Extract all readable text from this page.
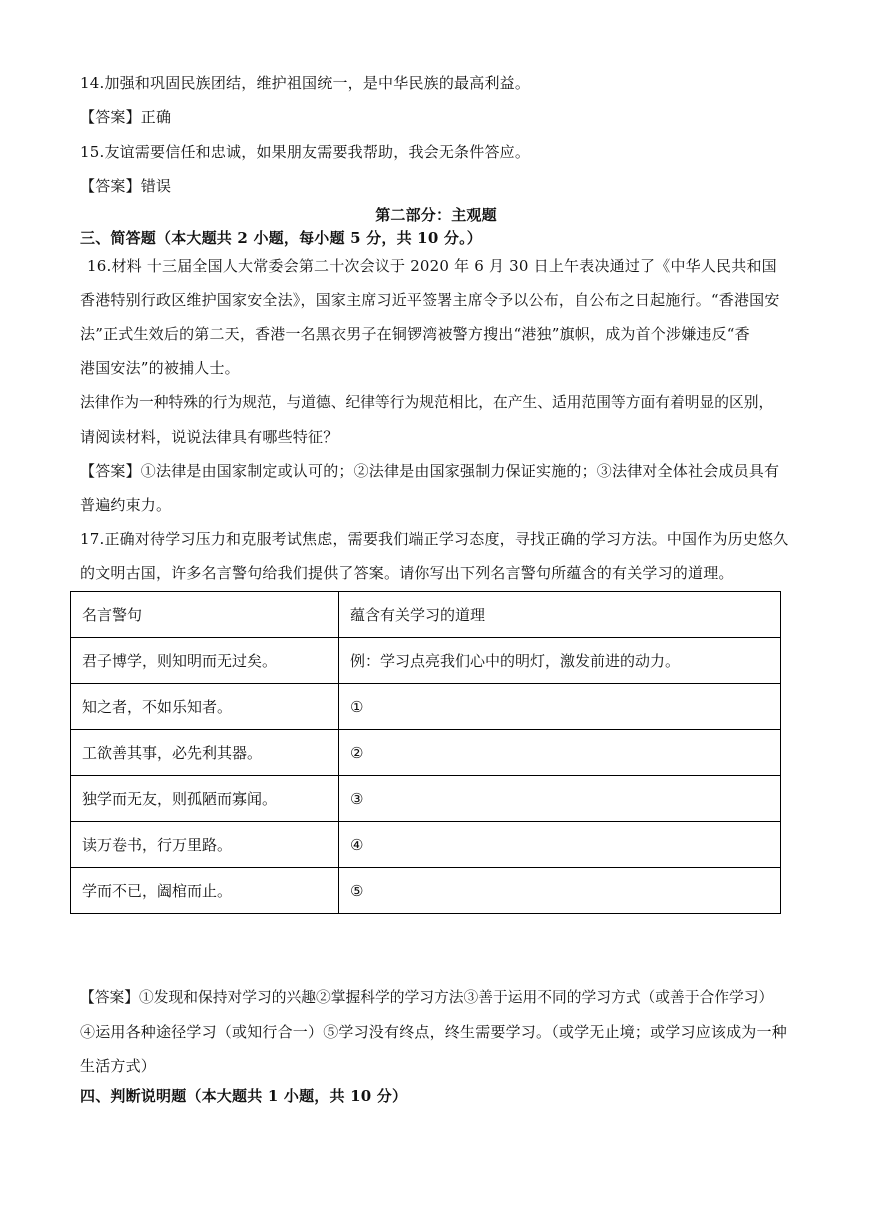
14.加强和巩固民族团结，维护祖国统一，是中华民族的最高利益。
【答案】正确
15.友谊需要信任和忠诚，如果朋友需要我帮助，我会无条件答应。
【答案】错误
第二部分：主观题
三、简答题（本大题共 2 小题，每小题 5 分，共 10 分。）
16.材料 十三届全国人大常委会第二十次会议于 2020 年 6 月 30 日上午表决通过了《中华人民共和国
香港特别行政区维护国家安全法》，国家主席习近平签署主席令予以公布，自公布之日起施行。“香港国安
法”正式生效后的第二天，香港一名黑衣男子在铜锣湾被警方搜出“港独”旗帜，成为首个涉嫌违反“香
港国安法”的被捕人士。
法律作为一种特殊的行为规范，与道德、纪律等行为规范相比，在产生、适用范围等方面有着明显的区别，
请阅读材料，说说法律具有哪些特征？
【答案】①法律是由国家制定或认可的；②法律是由国家强制力保证实施的；③法律对全体社会成员具有
普遍约束力。
17.正确对待学习压力和克服考试焦虑，需要我们端正学习态度，寻找正确的学习方法。中国作为历史悠久
的文明古国，许多名言警句给我们提供了答案。请你写出下列名言警句所蕴含的有关学习的道理。
名言警句	蕴含有关学习的道理
君子博学，则知明而无过矣。	例：学习点亮我们心中的明灯，激发前进的动力。
知之者，不如乐知者。	①
工欲善其事，必先利其器。	②
独学而无友，则孤陋而寡闻。	③
读万卷书，行万里路。	④
学而不已，阖棺而止。	⑤
【答案】①发现和保持对学习的兴趣②掌握科学的学习方法③善于运用不同的学习方式（或善于合作学习）
④运用各种途径学习（或知行合一）⑤学习没有终点，终生需要学习。（或学无止境；或学习应该成为一种
生活方式）
四、判断说明题（本大题共 1 小题，共 10 分）
